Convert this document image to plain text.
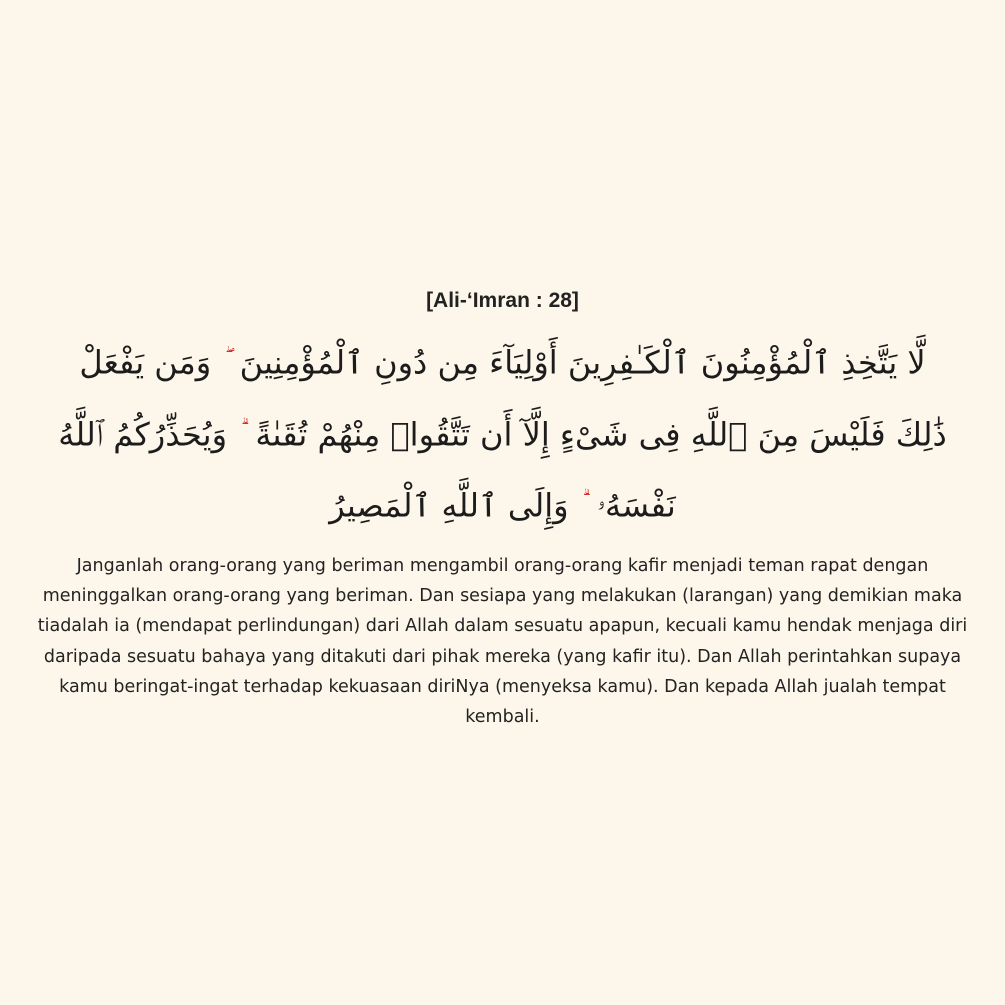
[Ali-‘Imran : 28]
لَّا يَتَّخِذِ ٱلْمُؤْمِنُونَ ٱلْكَـٰفِرِينَ أَوْلِيَآءَ مِن دُونِ ٱلْمُؤْمِنِينَ وَمَن يَفْعَلْ ذَٰلِكَ فَلَيْسَ مِنَ ٱللَّهِ فِى شَىْءٍ إِلَّآ أَن تَتَّقُوا۟ مِنْهُمْ تُقَىٰةً وَيُحَذِّرُكُمُ ٱللَّهُ نَفْسَهُۥ وَإِلَى ٱللَّهِ ٱلْمَصِيرُ

Janganlah orang-orang yang beriman mengambil orang-orang kafir menjadi teman rapat dengan meninggalkan orang-orang yang beriman. Dan sesiapa yang melakukan (larangan) yang demikian maka tiadalah ia (mendapat perlindungan) dari Allah dalam sesuatu apapun, kecuali kamu hendak menjaga diri daripada sesuatu bahaya yang ditakuti dari pihak mereka (yang kafir itu). Dan Allah perintahkan supaya kamu beringat-ingat terhadap kekuasaan diriNya (menyeksa kamu). Dan kepada Allah jualah tempat kembali.
